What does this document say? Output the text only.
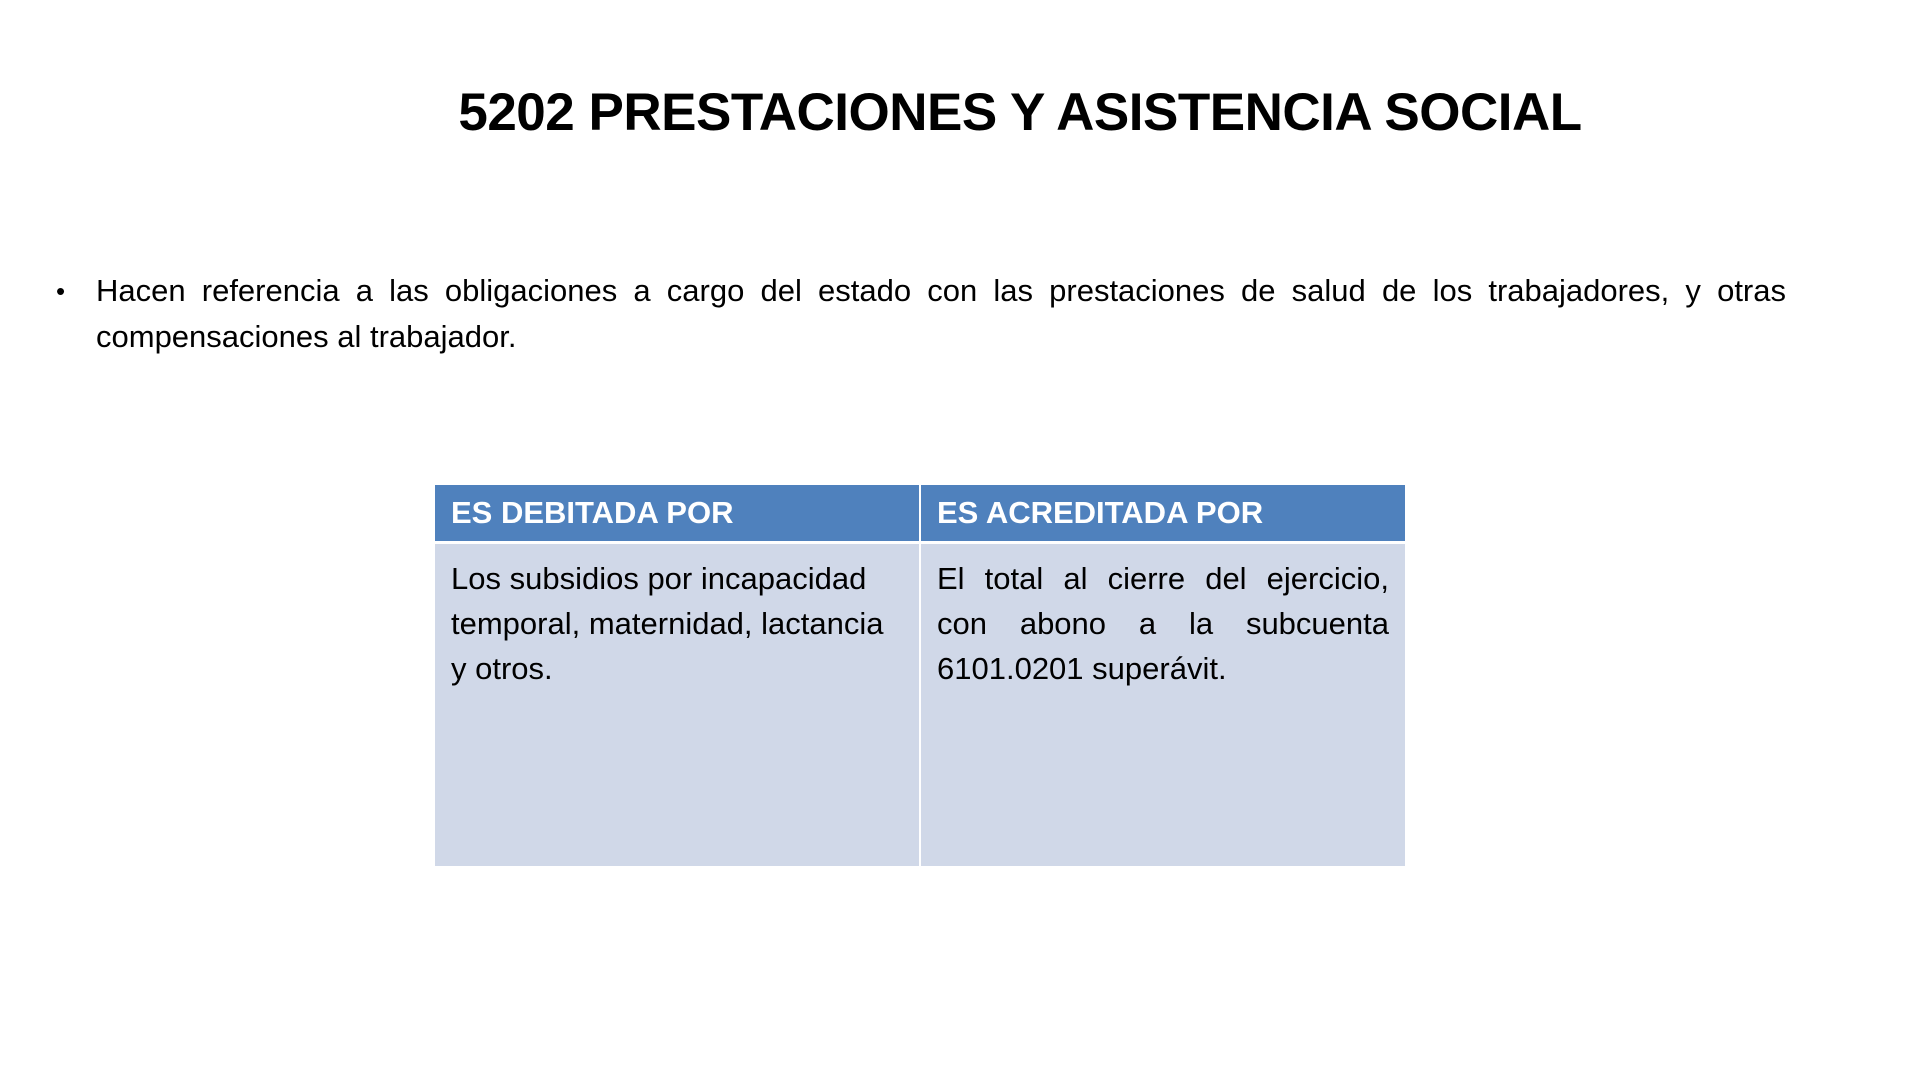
5202 PRESTACIONES Y ASISTENCIA SOCIAL
• Hacen referencia a las obligaciones a cargo del estado con las prestaciones de salud de los trabajadores, y otras compensaciones al trabajador.
ES DEBITADA POR	ES ACREDITADA POR
Los subsidios por incapacidad temporal, maternidad, lactancia y otros.	El total al cierre del ejercicio, con abono a la subcuenta 6101.0201 superávit.
